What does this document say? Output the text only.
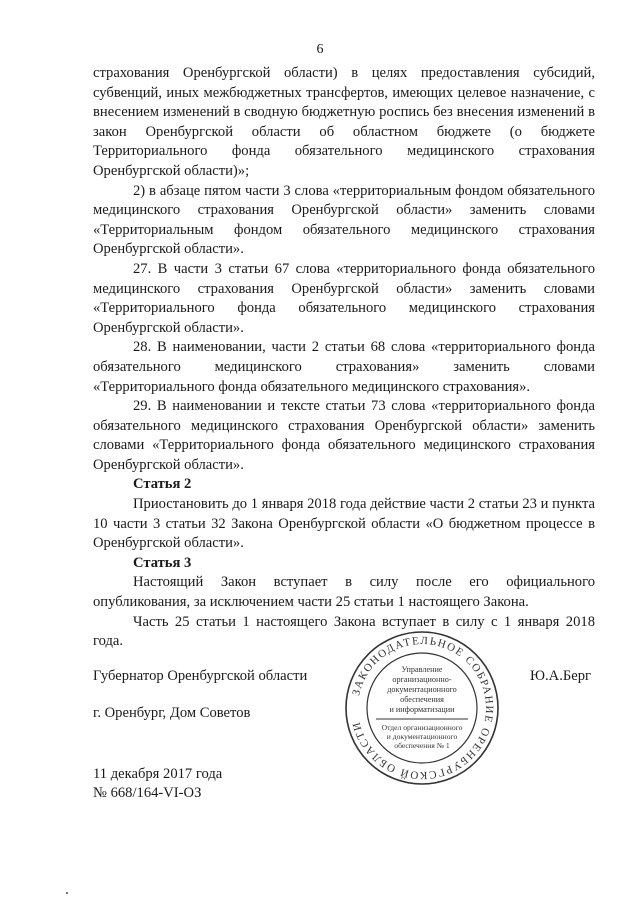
6

страхования Оренбургской области) в целях предоставления субсидий, субвенций, иных межбюджетных трансфертов, имеющих целевое назначение, с внесением изменений в сводную бюджетную роспись без внесения изменений в закон Оренбургской области об областном бюджете (о бюджете Территориального фонда обязательного медицинского страхования Оренбургской области)»;

2) в абзаце пятом части 3 слова «территориальным фондом обязательного медицинского страхования Оренбургской области» заменить словами «Территориальным фондом обязательного медицинского страхования Оренбургской области».

27. В части 3 статьи 67 слова «территориального фонда обязательного медицинского страхования Оренбургской области» заменить словами «Территориального фонда обязательного медицинского страхования Оренбургской области».

28. В наименовании, части 2 статьи 68 слова «территориального фонда обязательного медицинского страхования» заменить словами «Территориального фонда обязательного медицинского страхования».

29. В наименовании и тексте статьи 73 слова «территориального фонда обязательного медицинского страхования Оренбургской области» заменить словами «Территориального фонда обязательного медицинского страхования Оренбургской области».

Статья 2

Приостановить до 1 января 2018 года действие части 2 статьи 23 и пункта 10 части 3 статьи 32 Закона Оренбургской области «О бюджетном процессе в Оренбургской области».

Статья 3

Настоящий Закон вступает в силу после его официального опубликования, за исключением части 25 статьи 1 настоящего Закона.

Часть 25 статьи 1 настоящего Закона вступает в силу с 1 января 2018 года.

Губернатор Оренбургской области	Ю.А.Берг
г. Оренбург, Дом Советов
11 декабря 2017 года
№ 668/164-VI-ОЗ
ЗАКОНОДАТЕЛЬНОЕ СОБРАНИЕ ОРЕНБУРГСКОЙ ОБЛАСТИ
Управление
организационно-
документационного
обеспечения
и информатизации
Отдел организационного
и документационного
обеспечения № 1
